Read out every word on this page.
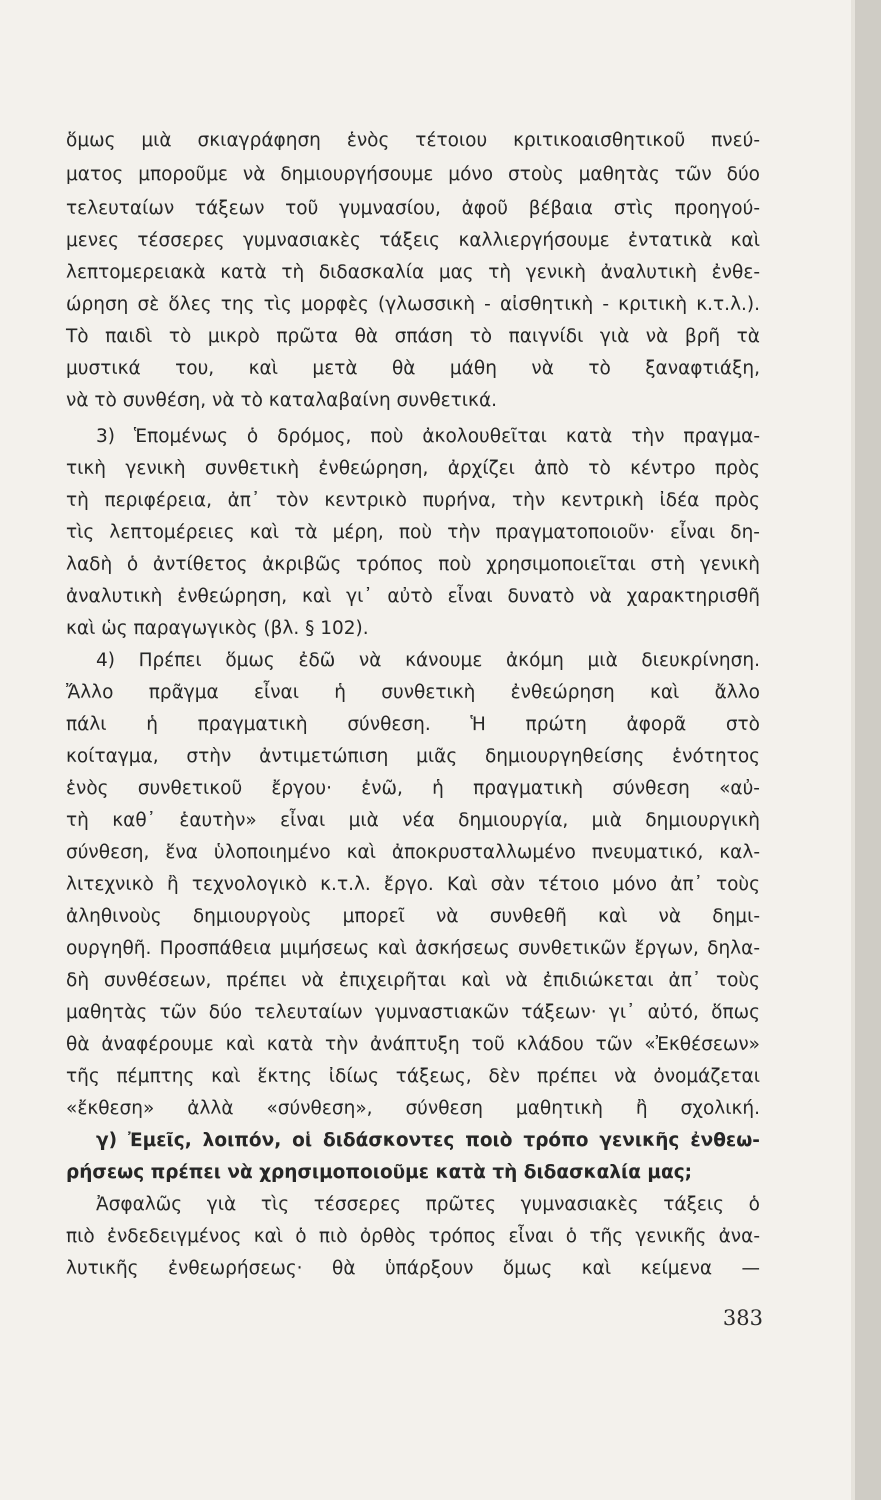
ὅμως μιὰ σκιαγράφηση ἑνὸς τέτοιου κριτικοαισθητικοῦ πνεύ-
ματος μποροῦμε νὰ δημιουργήσουμε μόνο στοὺς μαθητὰς τῶν δύο
τελευταίων τάξεων τοῦ γυμνασίου, ἀφοῦ βέβαια στὶς προηγού-
μενες τέσσερες γυμνασιακὲς τάξεις καλλιεργήσουμε ἐντατικὰ καὶ
λεπτομερειακὰ κατὰ τὴ διδασκαλία μας τὴ γενικὴ ἀναλυτικὴ ἐνθε-
ώρηση σὲ ὅλες της τὶς μορφὲς (γλωσσικὴ - αἰσθητικὴ - κριτικὴ κ.τ.λ.).
Τὸ παιδὶ τὸ μικρὸ πρῶτα θὰ σπάση τὸ παιγνίδι γιὰ νὰ βρῆ τὰ
μυστικά του, καὶ μετὰ θὰ μάθη νὰ τὸ ξαναφτιάξη,
νὰ τὸ συνθέση, νὰ τὸ καταλαβαίνη συνθετικά.
3) Ἑπομένως ὁ δρόμος, ποὺ ἀκολουθεῖται κατὰ τὴν πραγμα-
τικὴ γενικὴ συνθετικὴ ἐνθεώρηση, ἀρχίζει ἀπὸ τὸ κέντρο πρὸς
τὴ περιφέρεια, ἀπ᾽ τὸν κεντρικὸ πυρήνα, τὴν κεντρικὴ ἰδέα πρὸς
τὶς λεπτομέρειες καὶ τὰ μέρη, ποὺ τὴν πραγματοποιοῦν· εἶναι δη-
λαδὴ ὁ ἀντίθετος ἀκριβῶς τρόπος ποὺ χρησιμοποιεῖται στὴ γενικὴ
ἀναλυτικὴ ἐνθεώρηση, καὶ γι᾽ αὐτὸ εἶναι δυνατὸ νὰ χαρακτηρισθῆ
καὶ ὡς παραγωγικὸς (βλ. § 102).
4) Πρέπει ὅμως ἐδῶ νὰ κάνουμε ἀκόμη μιὰ διευκρίνηση.
Ἄλλο πρᾶγμα εἶναι ἡ συνθετικὴ ἐνθεώρηση καὶ ἄλλο
πάλι ἡ πραγματικὴ σύνθεση. Ἡ πρώτη ἀφορᾶ στὸ
κοίταγμα, στὴν ἀντιμετώπιση μιᾶς δημιουργηθείσης ἑνότητος
ἑνὸς συνθετικοῦ ἔργου· ἐνῶ, ἡ πραγματικὴ σύνθεση «αὐ-
τὴ καθ᾽ ἑαυτὴν» εἶναι μιὰ νέα δημιουργία, μιὰ δημιουργικὴ
σύνθεση, ἕνα ὑλοποιημένο καὶ ἀποκρυσταλλωμένο πνευματικό, καλ-
λιτεχνικὸ ἢ τεχνολογικὸ κ.τ.λ. ἔργο. Καὶ σὰν τέτοιο μόνο ἀπ᾽ τοὺς
ἀληθινοὺς δημιουργοὺς μπορεῖ νὰ συνθεθῆ καὶ νὰ δημι-
ουργηθῆ. Προσπάθεια μιμήσεως καὶ ἀσκήσεως συνθετικῶν ἔργων, δηλα-
δὴ συνθέσεων, πρέπει νὰ ἐπιχειρῆται καὶ νὰ ἐπιδιώκεται ἀπ᾽ τοὺς
μαθητὰς τῶν δύο τελευταίων γυμναστιακῶν τάξεων· γι᾽ αὐτό, ὅπως
θὰ ἀναφέρουμε καὶ κατὰ τὴν ἀνάπτυξη τοῦ κλάδου τῶν «Ἐκθέσεων»
τῆς πέμπτης καὶ ἕκτης ἰδίως τάξεως, δὲν πρέπει νὰ ὀνομάζεται
«ἔκθεση» ἀλλὰ «σύνθεση», σύνθεση μαθητικὴ ἢ σχολική.
γ) Ἐμεῖς, λοιπόν, οἱ διδάσκοντες ποιὸ τρόπο γενικῆς ἐνθεω-
ρήσεως πρέπει νὰ χρησιμοποιοῦμε κατὰ τὴ διδασκαλία μας;
Ἀσφαλῶς γιὰ τὶς τέσσερες πρῶτες γυμνασιακὲς τάξεις ὁ
πιὸ ἐνδεδειγμένος καὶ ὁ πιὸ ὀρθὸς τρόπος εἶναι ὁ τῆς γενικῆς ἀνα-
λυτικῆς ἐνθεωρήσεως· θὰ ὑπάρξουν ὅμως καὶ κείμενα —
383
